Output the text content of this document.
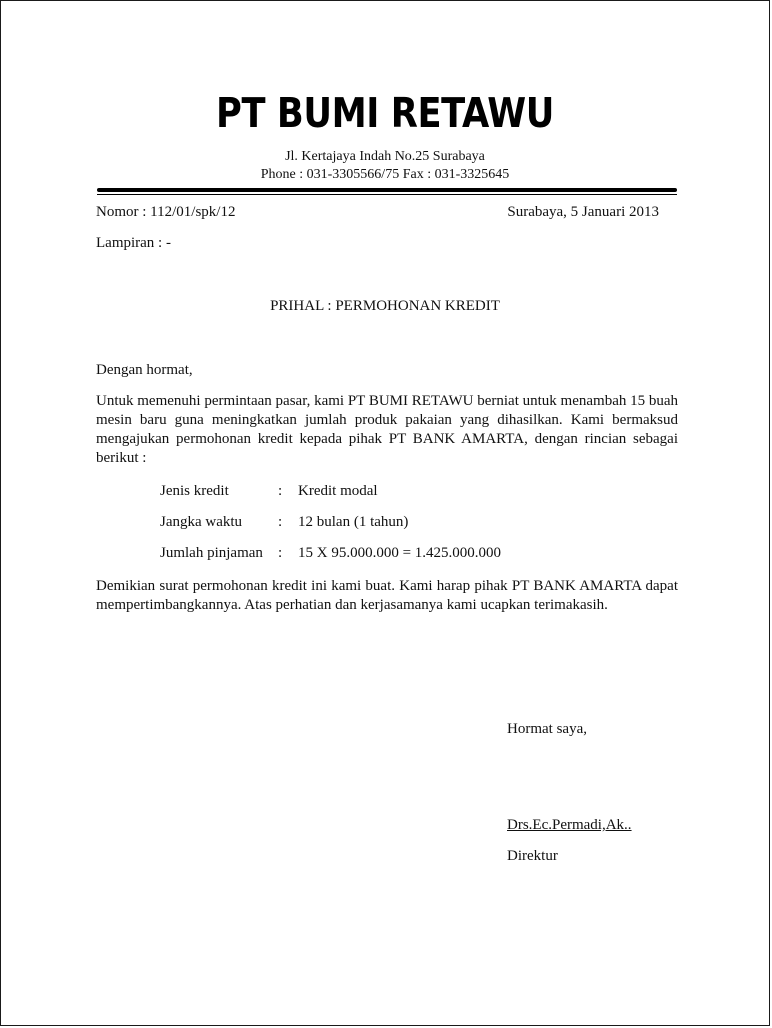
PT BUMI RETAWU
Jl. Kertajaya Indah No.25 Surabaya
Phone : 031-3305566/75 Fax : 031-3325645
Nomor : 112/01/spk/12	Surabaya, 5 Januari 2013
Lampiran : -
PRIHAL : PERMOHONAN KREDIT
Dengan hormat,
Untuk memenuhi permintaan pasar, kami PT BUMI RETAWU berniat untuk menambah 15 buah mesin baru guna meningkatkan jumlah produk pakaian yang dihasilkan. Kami bermaksud mengajukan permohonan kredit kepada pihak PT BANK AMARTA, dengan rincian sebagai berikut :
Jenis kredit	: Kredit modal
Jangka waktu : 12 bulan (1 tahun)
Jumlah pinjaman : 15 X 95.000.000 = 1.425.000.000
Demikian surat permohonan kredit ini kami buat. Kami harap pihak PT BANK AMARTA dapat mempertimbangkannya. Atas perhatian dan kerjasamanya kami ucapkan terimakasih.
Hormat saya,
Drs.Ec.Permadi,Ak..
Direktur
